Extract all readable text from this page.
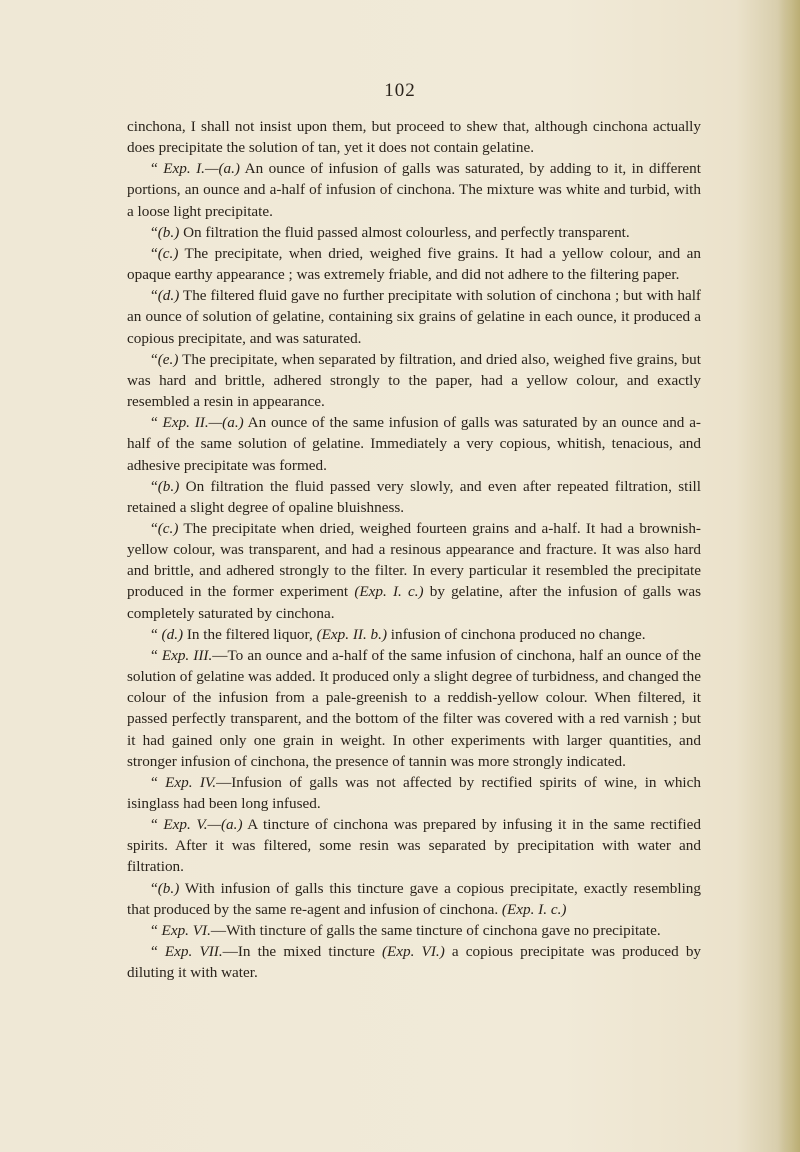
102

cinchona, I shall not insist upon them, but proceed to shew that, although cinchona actually does precipitate the solution of tan, yet it does not contain gelatine.

“ Exp. I.—(a.) An ounce of infusion of galls was saturated, by adding to it, in different portions, an ounce and a-half of infusion of cinchona. The mixture was white and turbid, with a loose light precipitate.

“(b.) On filtration the fluid passed almost colourless, and perfectly transparent.

“(c.) The precipitate, when dried, weighed five grains. It had a yellow colour, and an opaque earthy appearance ; was extremely friable, and did not adhere to the filtering paper.

“(d.) The filtered fluid gave no further precipitate with solution of cinchona ; but with half an ounce of solution of gelatine, containing six grains of gelatine in each ounce, it produced a copious precipitate, and was saturated.

“(e.) The precipitate, when separated by filtration, and dried also, weighed five grains, but was hard and brittle, adhered strongly to the paper, had a yellow colour, and exactly resembled a resin in appearance.

“ Exp. II.—(a.) An ounce of the same infusion of galls was saturated by an ounce and a-half of the same solution of gelatine. Immediately a very copious, whitish, tenacious, and adhesive precipitate was formed.

“(b.) On filtration the fluid passed very slowly, and even after repeated filtration, still retained a slight degree of opaline bluishness.

“(c.) The precipitate when dried, weighed fourteen grains and a-half. It had a brownish-yellow colour, was transparent, and had a resinous appearance and fracture. It was also hard and brittle, and adhered strongly to the filter. In every particular it resembled the precipitate produced in the former experiment (Exp. I. c.) by gelatine, after the infusion of galls was completely saturated by cinchona.

“ (d.) In the filtered liquor, (Exp. II. b.) infusion of cinchona produced no change.

“ Exp. III.—To an ounce and a-half of the same infusion of cinchona, half an ounce of the solution of gelatine was added. It produced only a slight degree of turbidness, and changed the colour of the infusion from a pale-greenish to a reddish-yellow colour. When filtered, it passed perfectly transparent, and the bottom of the filter was covered with a red varnish ; but it had gained only one grain in weight. In other experiments with larger quantities, and stronger infusion of cinchona, the presence of tannin was more strongly indicated.

“ Exp. IV.—Infusion of galls was not affected by rectified spirits of wine, in which isinglass had been long infused.

“ Exp. V.—(a.) A tincture of cinchona was prepared by infusing it in the same rectified spirits. After it was filtered, some resin was separated by precipitation with water and filtration.

“(b.) With infusion of galls this tincture gave a copious precipitate, exactly resembling that produced by the same re-agent and infusion of cinchona. (Exp. I. c.)

“ Exp. VI.—With tincture of galls the same tincture of cinchona gave no precipitate.

“ Exp. VII.—In the mixed tincture (Exp. VI.) a copious precipitate was produced by diluting it with water.
